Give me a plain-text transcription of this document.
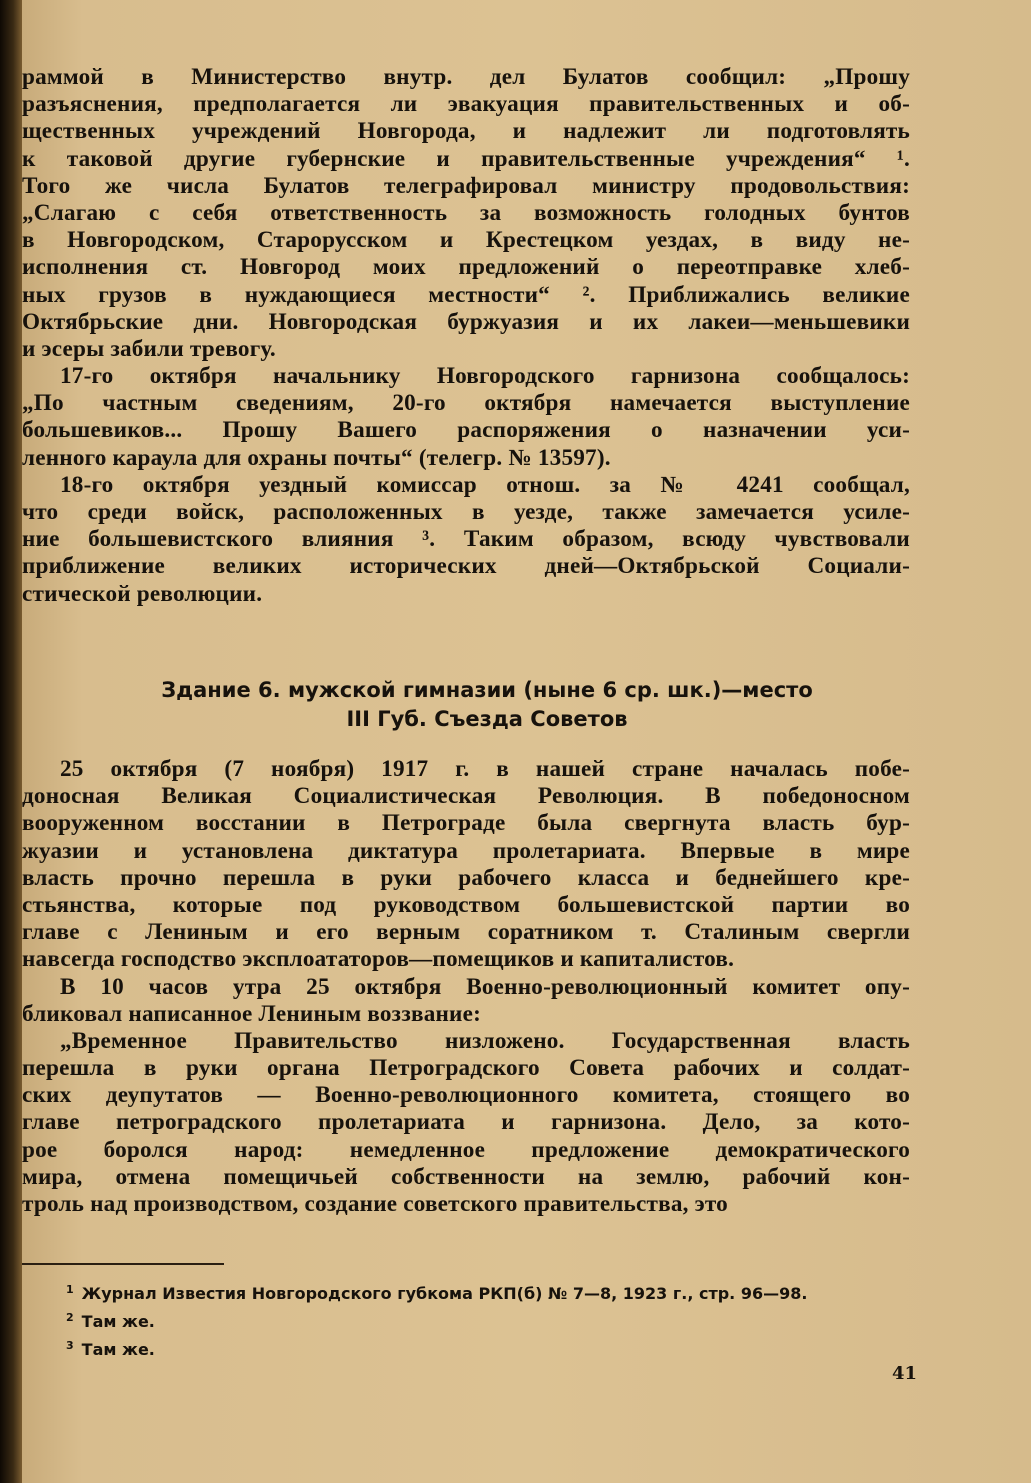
раммой в Министерство внутр. дел Булатов сообщил: „Прошу
разъяснения, предполагается ли эвакуация правительственных и об-
щественных учреждений Новгорода, и надлежит ли подготовлять
к таковой другие губернские и правительственные учреждения“ ¹.
Того же числа Булатов телеграфировал министру продовольствия:
„Слагаю с себя ответственность за возможность голодных бунтов
в Новгородском, Старорусском и Крестецком уездах, в виду не-
исполнения ст. Новгород моих предложений о переотправке хлеб-
ных грузов в нуждающиеся местности“ ². Приближались великие
Октябрьские дни. Новгородская буржуазия и их лакеи—меньшевики
и эсеры забили тревогу.
17-го октября начальнику Новгородского гарнизона сообщалось:
„По частным сведениям, 20-го октября намечается выступление
большевиков... Прошу Вашего распоряжения о назначении уси-
ленного караула для охраны почты“ (телегр. № 13597).
18-го октября уездный комиссар отнош. за № 4241 сообщал,
что среди войск, расположенных в уезде, также замечается усиле-
ние большевистского влияния ³. Таким образом, всюду чувствовали
приближение великих исторических дней—Октябрьской Социали-
стической революции.
Здание 6. мужской гимназии (ныне 6 ср. шк.)—место
III Губ. Съезда Советов
25 октября (7 ноября) 1917 г. в нашей стране началась побе-
доносная Великая Социалистическая Революция. В победоносном
вооруженном восстании в Петрограде была свергнута власть бур-
жуазии и установлена диктатура пролетариата. Впервые в мире
власть прочно перешла в руки рабочего класса и беднейшего кре-
стьянства, которые под руководством большевистской партии во
главе с Лениным и его верным соратником т. Сталиным свергли
навсегда господство эксплоататоров—помещиков и капиталистов.
В 10 часов утра 25 октября Военно-революционный комитет опу-
бликовал написанное Лениным воззвание:
„Временное Правительство низложено. Государственная власть
перешла в руки органа Петроградского Совета рабочих и солдат-
ских деупутатов — Военно-революционного комитета, стоящего во
главе петроградского пролетариата и гарнизона. Дело, за кото-
рое боролся народ: немедленное предложение демократического
мира, отмена помещичьей собственности на землю, рабочий кон-
троль над производством, создание советского правительства, это
$^1$ Журнал Известия Новгородского губкома РКП(б) № 7—8, 1923 г., стр. 96—98.
$^2$ Там же.
$^3$ Там же.
41
